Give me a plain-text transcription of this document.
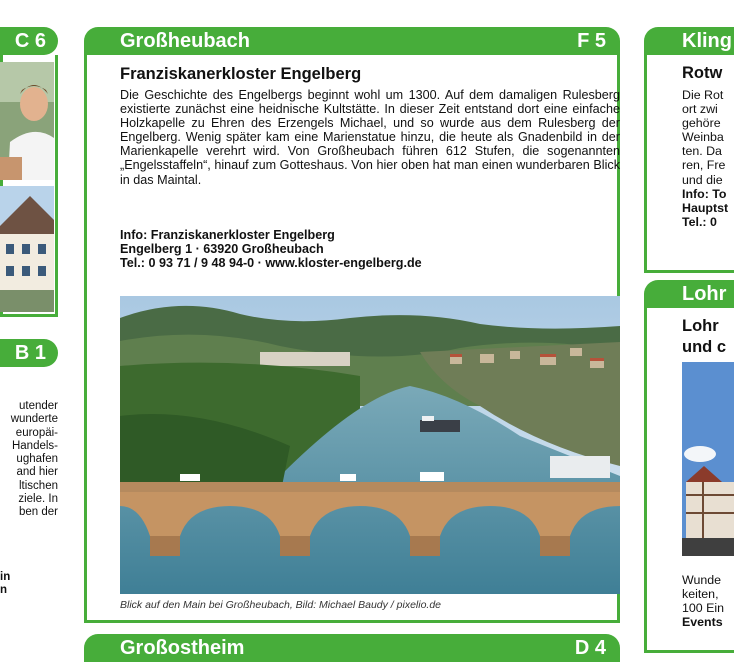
C 6
B 1
utender
wunderte
europäi-
Handels-
ughafen
and hier
ltischen
ziele. In
ben der
in
n
Großheubach	F 5

Franziskanerkloster Engelberg

Die Geschichte des Engelbergs beginnt wohl um 1300. Auf dem damaligen Rulesberg existierte zunächst eine heidnische Kultstätte. In dieser Zeit entstand dort eine einfache Holzkapelle zu Ehren des Erzengels Michael, und so wurde aus dem Rulesberg der Engelberg. Wenig später kam eine Marienstatue hinzu, die heute als Gnadenbild in der Marienkapelle verehrt wird. Von Großheubach führen 612 Stufen, die sogenannten „Engelsstaffeln“, hinauf zum Gotteshaus. Von hier oben hat man einen wunderbaren Blick in das Maintal.

Info: Franziskanerkloster Engelberg
Engelberg 1 · 63920 Großheubach
Tel.: 0 93 71 / 9 48 94-0 · www.kloster-engelberg.de

Blick auf den Main bei Großheubach, Bild: Michael Baudy / pixelio.de

Großostheim	D 4
Kling

Rotw

Die Rot
ort zwi
gehöre
Weinba
ten. Da
ren, Fre
und die
Info: To
Hauptst
Tel.: 0
Lohr
Lohr
und c
Wunde
keiten,
100 Ein
Events
